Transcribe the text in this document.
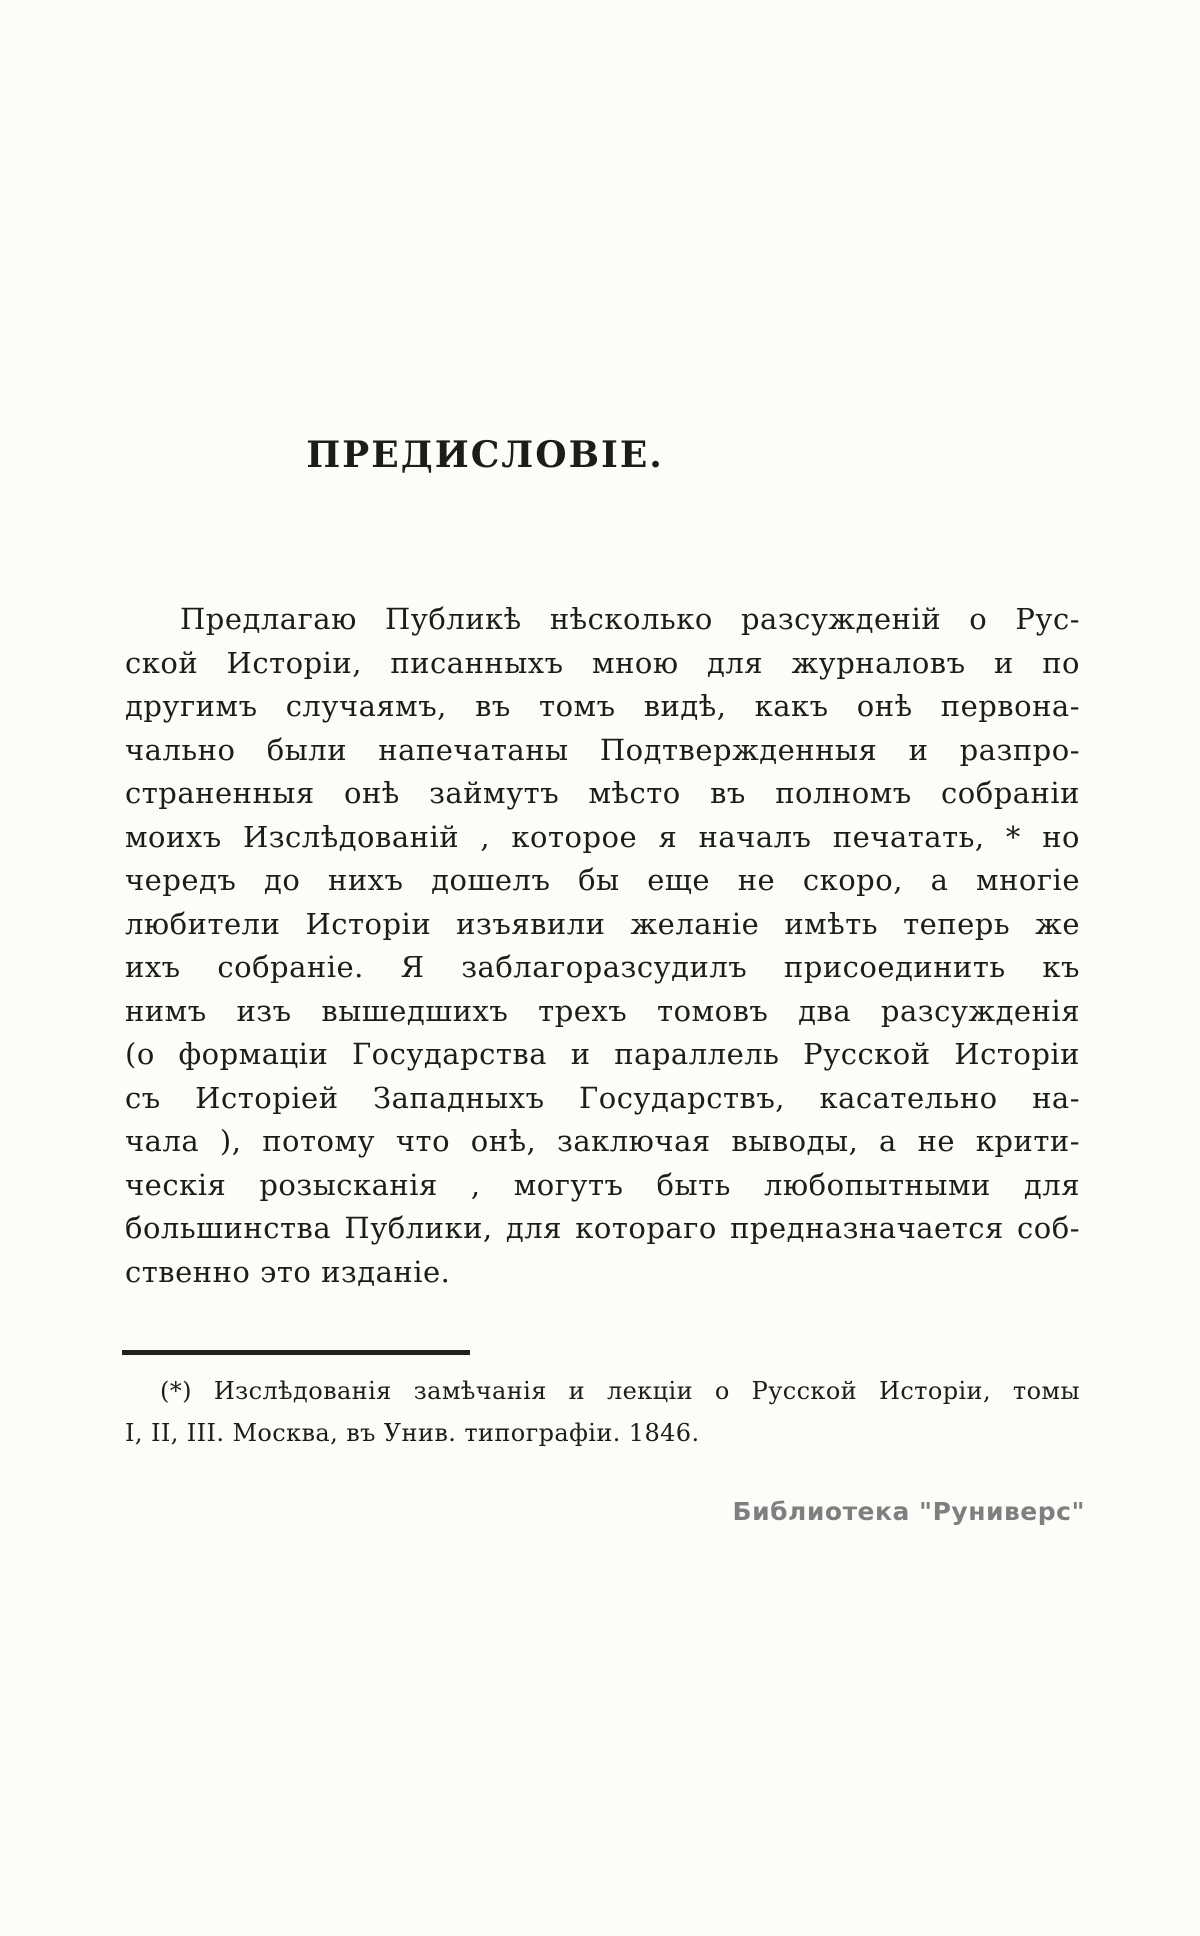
ПРЕДИСЛОВІЕ.
Предлагаю Публикѣ нѣсколько разсужденій о Рус-
ской Исторіи, писанныхъ мною для журналовъ и по
другимъ случаямъ, въ томъ видѣ, какъ онѣ первона-
чально были напечатаны Подтвержденныя и разпро-
страненныя онѣ займутъ мѣсто въ полномъ собраніи
моихъ Изслѣдованій , которое я началъ печатать, * но
чередъ до нихъ дошелъ бы еще не скоро, а многіе
любители Исторіи изъявили желаніе имѣть теперь же
ихъ собраніе. Я заблагоразсудилъ присоединить къ
нимъ изъ вышедшихъ трехъ томовъ два разсужденія
(о формаціи Государства и параллель Русской Исторіи
съ Исторіей Западныхъ Государствъ, касательно на-
чала ), потому что онѣ, заключая выводы, а не крити-
ческія розысканія , могутъ быть любопытными для
большинства Публики, для котораго предназначается соб-
ственно это изданіе.
(*) Изслѣдованія замѣчанія и лекціи о Русской Исторіи, томы
I, II, III. Москва, въ Унив. типографіи. 1846.
Библиотека "Руниверс"
